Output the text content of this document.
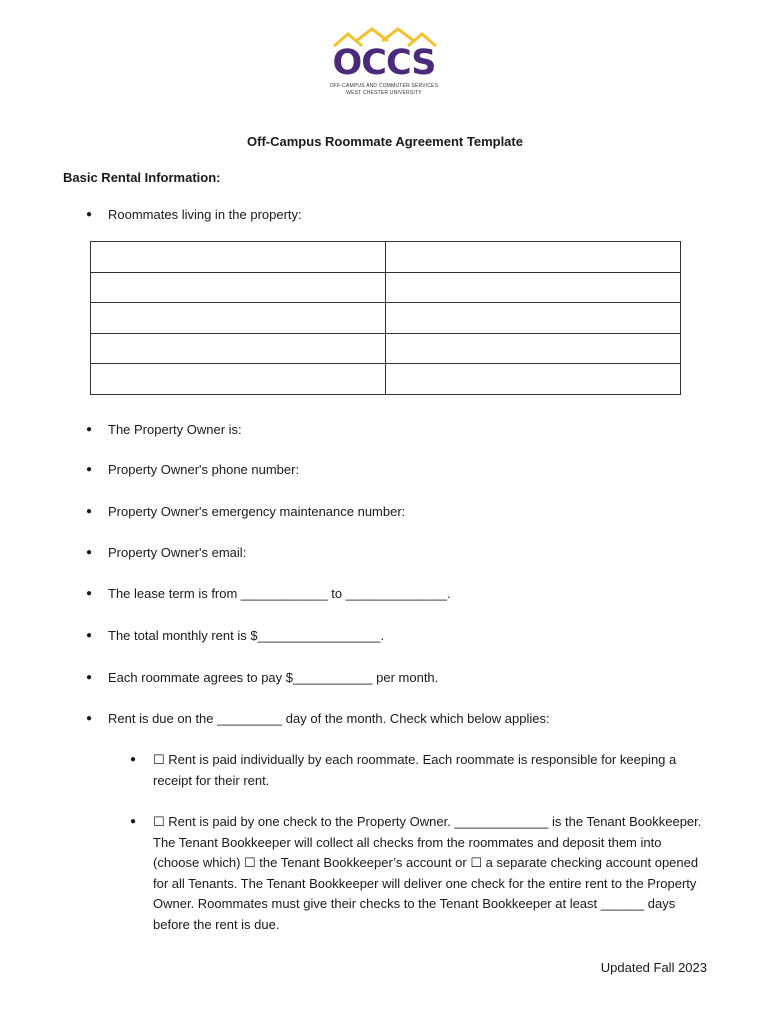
OCCS
OFF-CAMPUS AND COMMUTER SERVICES
WEST CHESTER UNIVERSITY
Off-Campus Roommate Agreement Template
Basic Rental Information:
● Roommates living in the property:

● The Property Owner is:
● Property Owner's phone number:
● Property Owner's emergency maintenance number:
● Property Owner's email:
● The lease term is from ____________ to ______________.
● The total monthly rent is $_________________.
● Each roommate agrees to pay $___________ per month.
● Rent is due on the _________ day of the month. Check which below applies:
● ☐ Rent is paid individually by each roommate. Each roommate is responsible for keeping a receipt for their rent.
● ☐ Rent is paid by one check to the Property Owner. _____________ is the Tenant Bookkeeper. The Tenant Bookkeeper will collect all checks from the roommates and deposit them into (choose which) ☐ the Tenant Bookkeeper’s account or ☐ a separate checking account opened for all Tenants. The Tenant Bookkeeper will deliver one check for the entire rent to the Property Owner. Roommates must give their checks to the Tenant Bookkeeper at least ______ days before the rent is due.
Updated Fall 2023
